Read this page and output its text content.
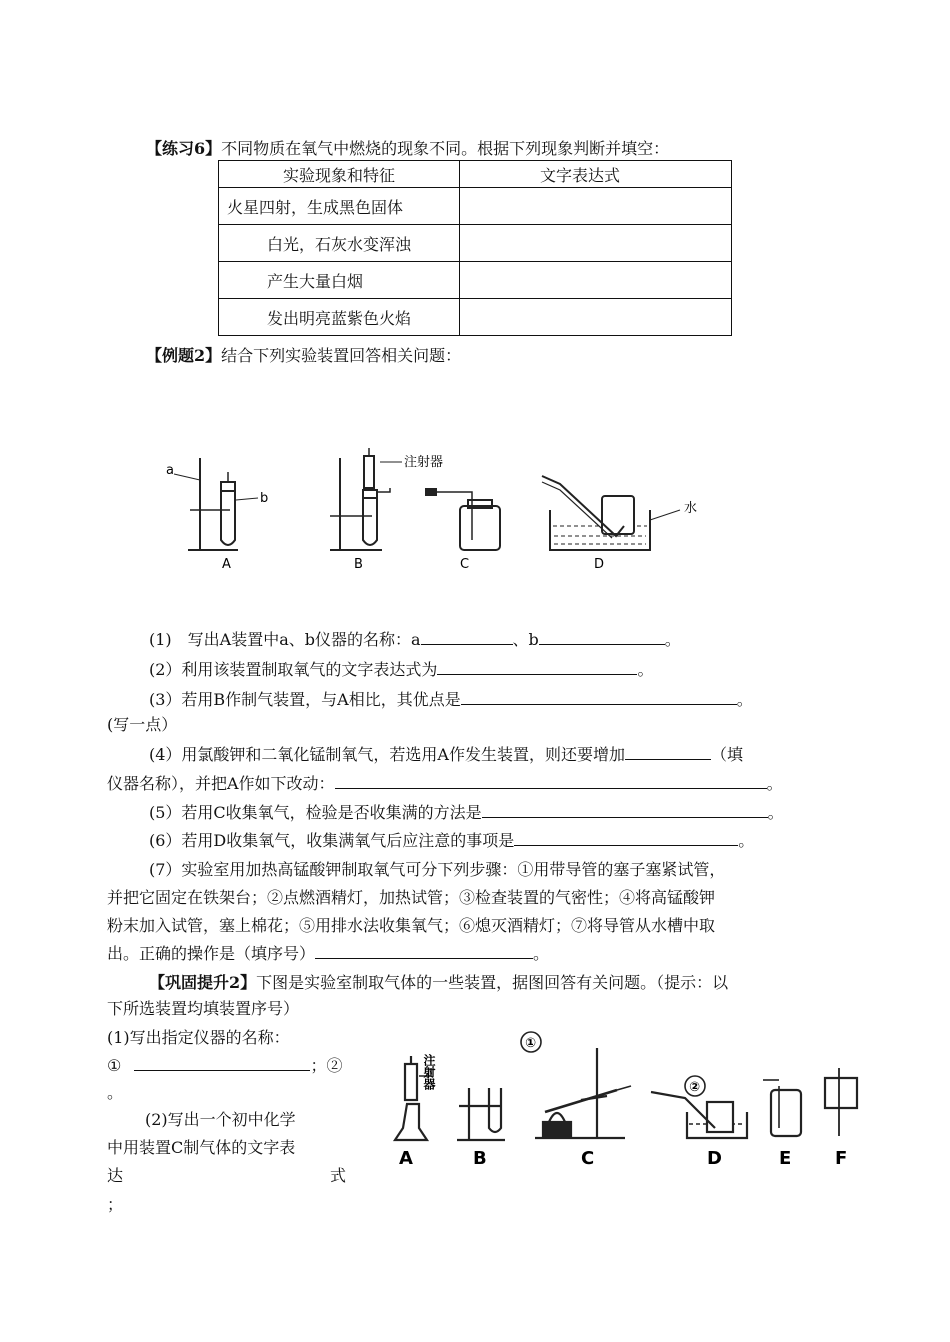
【练习6】不同物质在氧气中燃烧的现象不同。根据下列现象判断并填空：
实验现象和特征	文字表达式
火星四射，生成黑色固体	
白光，石灰水变浑浊	
产生大量白烟	
发出明亮蓝紫色火焰	
【例题2】结合下列实验装置回答相关问题：
a
b
注射器
水
A	B	C	D
(1)　写出A装置中a、b仪器的名称：a	、b	。
(2）利用该装置制取氧气的文字表达式为	。
(3）若用B作制气装置，与A相比，其优点是	。
(写一点）
(4）用氯酸钾和二氧化锰制氧气，若选用A作发生装置，则还要增加	（填
仪器名称），并把A作如下改动：	。
(5）若用C收集氧气，检验是否收集满的方法是	。
(6）若用D收集氧气，收集满氧气后应注意的事项是	。
(7）实验室用加热高锰酸钾制取氧气可分下列步骤：①用带导管的塞子塞紧试管，
并把它固定在铁架台；②点燃酒精灯，加热试管；③检查装置的气密性；④将高锰酸钾
粉末加入试管，塞上棉花；⑤用排水法收集氧气；⑥熄灭酒精灯；⑦将导管从水槽中取
出。正确的操作是（填序号）	。
【巩固提升2】下图是实验室制取气体的一些装置，据图回答有关问题。（提示：以
下所选装置均填装置序号）
(1)写出指定仪器的名称：
①	；②
。
(2)写出一个初中化学
中用装置C制气体的文字表
达	式
；
①
②
注射器
A	B	C	D	E F
